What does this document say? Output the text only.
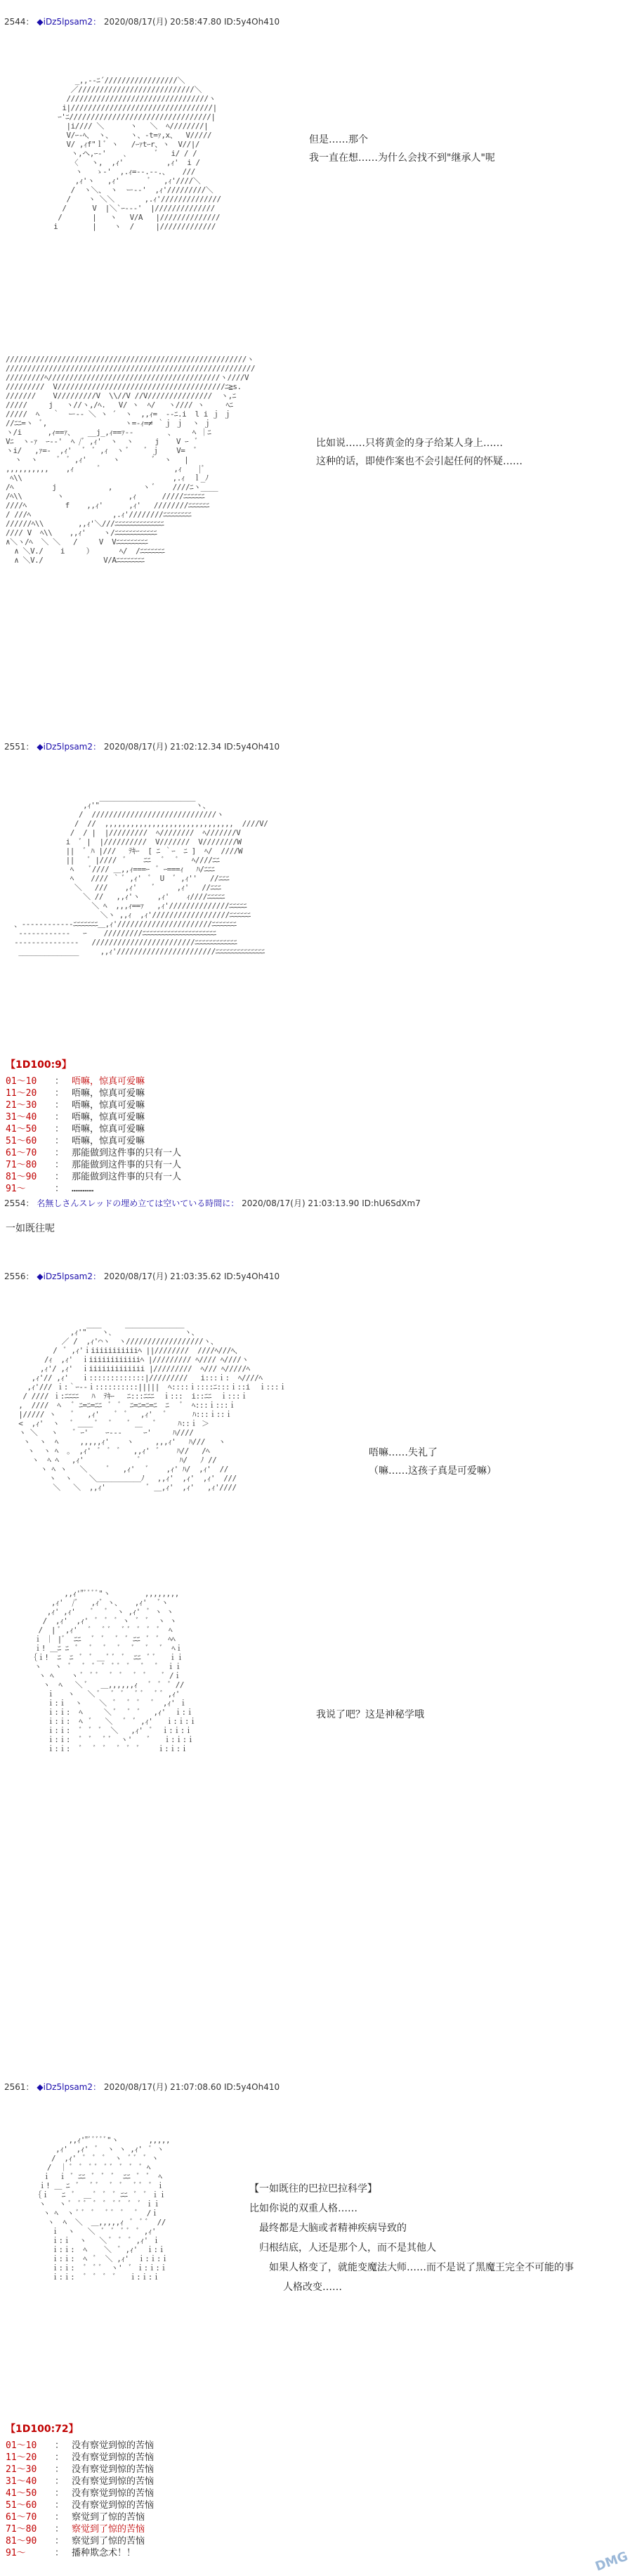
2544： ◆iDz5lpsam2： 2020/08/17(月) 20:58:47.80 ID:5y4Oh410
_,,-‐ﾆ´/////////////////＼
／///////////////////////////＼
/////////////////////////////////ヽ
i|/////////////////////////////////|
ｰ'ﾆ/////////////////////////////////|
|i//// ＼      ヽ   ＼  ﾍ////////|
V/ｰ-ﾍ、 ヽ、    ヽ、-t=ｧ,x、  V/////
V/ ,ｨf"ｌﾞ ヽ   /ｰｧtｰr、ヽ  V//|/
ヽ,ヘ,ｰ-'    ､       ﾞ   i/ / /
〈   ヽ,  ,ｨ'          ,ｨ'  i /
ヽ   ゝ-'  ,.ｨ=-‐.‐-.、   ///
,ｨ'ヽ   ,ｨ'       ﾞ   ,ｨ'////＼
/  ヽ＼、 ヽ  ー-‐'  ,ｨ'/////////＼
/    ヽ ＼＼       ,.ｨ'//////////////
/      V  |＼`ｰ--‐'  |//////////////
/       |   ヽ   V/A   |//////////////
i        |    ヽ  /     |/////////////
但是……那个
我一直在想……为什么会找不到"继承人"呢
////////////////////////////////////////////////////////ヽ
//////////////////////////////////////////////////////////
/////////ﾍ////////////////////////////////////////ヽ////V
/////////  V///////////////////////////////////////ﾆ≧s.
///////    V/////////V  \\//V //V///////////////  ヽ,ﾆ
/////     j   ヽ//ヽ,/ﾍ.   V/ ヽ  ﾍ/   ヽ//// ヽ     ﾍﾆ
/////  ﾍ   ｀  ー-‐ ＼ ヽ ´  ヽ  ,,ｨ=  -‐ﾆ.i  l i ｊ ｊ
//ﾆﾆ=ヽ  ﾞ,                  ヽ=-ｨ=≠ ｀ｊ ｊ  ヽ ｊ
ヽ/i      ,ｨ==ｧ、   __j_,ｨ==ｧ‐‐        、    ﾍ ｜ﾆ
Vﾆ  ヽ-ｧ  ｰ--'  ﾍ /ﾞ ,ｨ'  ヽ  ヽ     j    V ｰ  ﾞ
ヽi/   ,ｧ=-  ,ｨ'   ﾞ  ﾞ ,ｨ  ヽ ﾞ    ﾞ ｊ    V=  ﾞ
ヽ  ヽ     ﾞ  ﾞ ,ｨ'      ヽ        ﾞ  ヽ   |
,,,,,,,,,,    ,ｨ      ﾞ                 ,ｨ    |ﾞ
ﾍ\\                                   ,.ｨ  ｌ_ﾉ
/ﾍ         j            ,       ヽ ﾞ    ////ﾆヽ____
/ﾍ\\        ヽ               ,ｨ      /////ﾆﾆﾆﾆﾆﾆ
////ﾍ         f    ,,ｨ'      ,ｨ'   ////////ﾆﾆﾆﾆﾆﾆ
/ ///ﾍ                   ,.ｨ'////////ﾆﾆﾆﾆﾆﾆﾆﾆ
//////ﾍ\\        ,,ｨ'＼///ﾆﾆﾆﾆﾆﾆﾆﾆﾆﾆﾆﾆﾆﾆ
//// V  ﾍ\\    ,,ｨ'    ヽ/ﾆﾆﾆﾆﾆﾆﾆﾆﾆﾆﾆﾆ
∧＼ヽ/ﾍ  ＼ ＼   /     V  Vﾆﾆﾆﾆﾆﾆﾆﾆﾆ
∧ ＼V./    i     ）      ﾍ/  /ﾆﾆﾆﾆﾆﾆﾆ
∧ ＼V./              V/Aﾆﾆﾆﾆﾆﾆﾆﾆ
比如说……只将黄金的身子给某人身上……
这种的话，即使作案也不会引起任何的怀疑……
2551： ◆iDz5lpsam2： 2020/08/17(月) 21:02:12.34 ID:5y4Oh410
,ｨ'"￣￣￣￣￣￣￣￣￣￣￣￣￣ヽ、
/  /////////////////////////////ヽ
/  //  ,,,,,,,,,,,,,,,,,,,,,,,,,,,,,,  ////V/
/  / |  |/////////  ﾍ////////  ﾍ///////V
i  ﾞ |  |//////////  V///////  V////////W
||  ﾞ ﾊ |///   ﾃｷｰ  [ ﾆ ｀ｰ  ﾆ ]  ﾍ/  ////W
||   ﾞ |////  ﾞ    ﾆﾆ   ﾞ   ﾞ   ﾍ////ﾆﾆ
ﾍ    ﾞ//// ＿,,ｨ===ｰ  ﾞ ｰ===ｨ   ﾊ/ﾆﾆﾆ
ﾍ    //// ｀ ﾞ ,ｨ'  ﾞ  U  ﾞ ,ｨ''   //ﾆﾆﾆ
＼   ///    ,ｨ'    ﾞ     ,ｨ'   //ﾆﾆﾆ
＼ //   ,,ｨ'ヽ    ,ｨ'    ｨ////ﾆﾆﾆﾆﾆ
＼ ﾍ  ,,,ｨ==ｧ   ,ｨ'//////////////ﾆﾆﾆﾆﾆ
＼ヽ ,,ｨ  ,ｨ'//////////////////ﾆﾆﾆﾆﾆﾆ
、‐‐‐‐‐‐‐‐‐‐‐‐ﾆﾆﾆﾆﾆﾆﾆ＿,ｨ'//////////////////////ﾆﾆﾆﾆﾆﾆﾆ
‐‐‐‐‐‐‐‐‐‐‐‐   ｰ    /////////ﾆﾆﾆﾆﾆﾆﾆﾆﾆﾆﾆﾆﾆﾆﾆﾆﾆﾆﾆﾆﾆ
‐‐‐‐‐‐‐‐‐‐‐‐‐‐‐   ////////////////////////ﾆﾆﾆﾆﾆﾆﾆﾆﾆﾆﾆﾆ
______________     ,,ｨ'///////////////////////ﾆﾆﾆﾆﾆﾆﾆﾆﾆﾆﾆﾆﾆﾆ
【1D100:9】
01～10 ： 唔嘛，惊真可爱嘛
11～20 ： 唔嘛，惊真可爱嘛
21～30 ： 唔嘛，惊真可爱嘛
31～40 ： 唔嘛，惊真可爱嘛
41～50 ： 唔嘛，惊真可爱嘛
51～60 ： 唔嘛，惊真可爱嘛
61～70 ： 那能做到这件事的只有一人
71～80 ： 那能做到这件事的只有一人
81～90 ： 那能做到这件事的只有一人
91～	： …………
2554： 名無しさんスレッドの埋め立ては空いている時間に： 2020/08/17(月) 21:03:13.90 ID:hU6SdXm7
一如既往呢
2556： ◆iDz5lpsam2： 2020/08/17(月) 21:03:35.62 ID:5y4Oh410
,ｨ'"￣￣ヽ､   ￣￣￣￣￣￣￣￣ヽ、
／ /  ,ｨ'⌒ヽ  ヽ//////////////////ヽ、
/  ﾞ ,ｨ'ｉiiiiiiiiiiiﾍ ||////////  ////ﾍ///ﾍ、
/ｨ  ,ｨ'  ｉiiiiiiiiiiiiﾍ |///////// ﾍ//// ﾍ////ヽ
,ｨ'/ ,ｨ'  ｉiiiiiiiiiiiii |/////////  ﾍ/// ﾍ/////ﾍ
,ｨ'// ,ｨ'   ｉ:::::::::::::|/////////   i:::ｉ:  ﾍ////ﾍ
,ｨ'/// ｉ:｀ｰ--ｉ::::::::::|||||  ﾍ::::ｉ::::ﾆ:::ｉ::i  ｉ:::ｉ
/ //// ｉ:ﾆﾆﾆﾆ   ﾊ  ﾃｷｰ   ﾆ:::ﾆﾆﾆ  ｉ:::  i::ﾆﾆ  ｉ:::ｉ
,  ////  ﾍ   ﾞ ﾆ=ﾆ=ﾆﾆ  ﾞ  ﾞ  ﾆ=ﾆ=ﾆ=ﾆ  ﾆ   ﾞ  ﾍ:::ｉ:::ｉ
|///// ヽ    ﾞ   ,ｨ'    ﾞ  ﾞ   ,ｨ'   ﾞ      ﾊ:::ｉ::ｉ
<  ,ｨ'  ヽ   ﾞ ＿＿ ﾞ   ﾞ    ﾞ ＿   ﾞ     ﾊ::ｉ ＞
ヽ ＼   ヽ    ﾞ ｰ'    ｰ--‐     ｰ'     ﾊ////
ヽ  ヽ  ﾍ     ,,,,,ｨ'    ヽ     ,,,ｨ'   ﾊ///   ヽ
ヽ  ヽ ﾍ  ｡  ,ｨ'  ﾞ  ﾞ  ﾞ   ,,ｨ'  ﾞ    ﾊ//   /ﾍ
ヽ  ﾍ ﾍ   ,ｨ'             ﾞ         ﾊ/   ﾉ //
ヽ ﾍ ヽ   ＼     ﾞ   ,ｨ'   ﾞ    ,ｨ' ﾊ/  ,ｨ'  //
ヽ  ヽ    ＼＿＿＿＿＿＿ﾉ   ,,ｨ'  ,ｨ'  ,ｨ'  ///
＼   ＼  ,,ｨ'          ﾞ ＿,ｨ'  ,ｨ'   ,ｨ'////
唔嘛……失礼了
（嘛……这孩子真是可爱嘛）
,,ｨ'"ﾞﾞﾞﾞ"ヽ        ,,,,,,,,
,ｨ'  /ﾞ   ,ｨﾞ ヽ、   ,ｨ'   ﾞヽ
,ｨ' ,ｨ'    ﾞ   ﾞ  ヽ ,ｨ'  ﾞ ヽ ヽ
/  ,ｨ'  ,ｨ'  ﾞ  ﾞ  ﾞ ヽ  ﾞ  ﾞ  ヽ ヽ
/  | ﾞ ,ｨ'   ﾞ   ﾞ ﾞ   ﾞ ﾞ  ﾞ  ﾞ  ﾞ  ﾍ
ｉ ｜ |ﾞ  ﾆﾆ   ﾞ  ﾞ   ﾞ  ﾞ ﾆﾆ  ﾞ  ﾞ  ﾍﾍ
ｉ! ＿ﾆ ﾆ  ﾞ   ﾞ   ﾞ   ﾞ   ﾞ   ﾞ   ﾞ  ﾍｉ
｛ｉ!  ﾆ  ﾆ  ﾞ  ﾞ ＿ ﾞ ﾞ  ﾞ  ﾆﾆ  ﾞ ﾞ   ｉｉ
ヽ   ヽ  ﾞ   ﾞ  ﾞ  ﾞ  ﾞ ﾞ  ﾞ   ﾞ   ﾞ  ｉｉ
ヽ ﾍ    ヽ ﾞ  ﾞ ﾞ   ﾞ  ﾞ   ﾞ  ﾞ    ﾞ /ｉ
ヽ  ﾍ   ＼ ﾞ   ＿,,,,,,ｨ   ﾞ  ﾞ  ﾞ //
ｉ   ヽ   ＼ ﾞ   ﾞ  ﾞ   ﾞ ﾞ   ﾞ ﾞ ,ｨ'
ｉ:ｉ  ヽ    ＼  ﾞ   ﾞ  ﾞ   ﾞ  ,ｨ' ｉ
ｉ:ｉ:  ﾍ     ＼ ﾞ   ﾞ  ﾞ   ,ｨ'  ｉ:ｉ
ｉ:ｉ:  ﾍ  ﾞ   ＼   ﾞ  ﾞ ,ｨ'   ｉ:ｉ:ｉ
ｉ:ｉ:  ﾞ  ﾞ  ﾞ  ＼   ,ｨ'  ﾞ  ｉ:ｉ:ｉ
ｉ:ｉ:  ﾞ  ﾞ   ﾞ ﾞ  ヽ'    ﾞ   ｉ:ｉ:ｉ
ｉ:ｉ:  ﾞ   ﾞ  ﾞ   ﾞ  ﾞ  ﾞ    ｉ:ｉ:ｉ
我说了吧？这是神秘学哦
2561： ◆iDz5lpsam2： 2020/08/17(月) 21:07:08.60 ID:5y4Oh410
,,ｨ'"ﾞﾞﾞﾞﾞ"ヽ       ,,,,,
,ｨ'  ,ｨ'  ﾞ  ヽ ヽ ,ｨ'  ﾞ ヽ
/  ,ｨ'  ﾞ  ﾞ  ﾞ  ヽ  ﾞ ﾞ  ﾞ ヽ
/  ｜ ﾞ  ﾞ  ﾞ ﾞ  ﾞ ﾞ  ﾞ  ﾞ  ﾞ ﾍ
ｉ  ｉ ﾞ ﾆﾆ  ﾞ  ﾞ  ﾞ  ﾆﾆ  ﾞ  ﾞ  ﾍ
ｉ! ＿ ﾆ  ﾞ   ﾞ ﾞ   ﾞ  ﾞ   ﾞ ﾞ  ﾞ ｉ
｛ｉ   ﾆ  ﾞ  ＿ ﾞ  ﾞ  ﾞ ﾆﾆ  ﾞ  ﾞ ｉｉ
ヽ   ヽ ﾞ  ﾞ ﾞ  ﾞ  ﾞ  ﾞ ﾞ  ﾞ  ﾞ ｉｉ
ヽ ﾍ  ヽ ﾞ ﾞ  ﾞ   ﾞ ﾞ  ﾞ   ﾞ  /ｉ
ヽ  ﾍ  ＼  ＿,,,,,ｨ  ﾞ  ﾞ ﾞ  //
ｉ  ヽ   ＼  ﾞ  ﾞ  ﾞ ﾞ  ﾞ ,ｨ'
ｉ:ｉ  ヽ   ＼ ﾞ  ﾞ  ﾞ ,ｨ' ｉ
ｉ:ｉ:  ﾍ    ＼  ﾞ ,ｨ'  ｉ:ｉ
ｉ:ｉ:  ﾍ  ﾞ  ＼ ,ｨ'  ｉ:ｉ:ｉ
ｉ:ｉ:  ﾞ  ﾞ ﾞ  ヽ'  ﾞ ｉ:ｉ:ｉ
ｉ:ｉ:  ﾞ  ﾞ  ﾞ  ﾞ   ｉ:ｉ:ｉ
【一如既往的巴拉巴拉科学】
比如你说的双重人格……
最终都是大脑或者精神疾病导致的
归根结底，人还是那个人，而不是其他人
如果人格变了，就能变魔法大师……而不是说了黑魔王完全不可能的事
人格改变……
【1D100:72】
01～10 ： 没有察觉到惊的苦恼
11～20 ： 没有察觉到惊的苦恼
21～30 ： 没有察觉到惊的苦恼
31～40 ： 没有察觉到惊的苦恼
41～50 ： 没有察觉到惊的苦恼
51～60 ： 没有察觉到惊的苦恼
61～70 ： 察觉到了惊的苦恼
71～80 ： 察觉到了惊的苦恼
81～90 ： 察觉到了惊的苦恼
91～	： 播种欺念术！！	DMG
